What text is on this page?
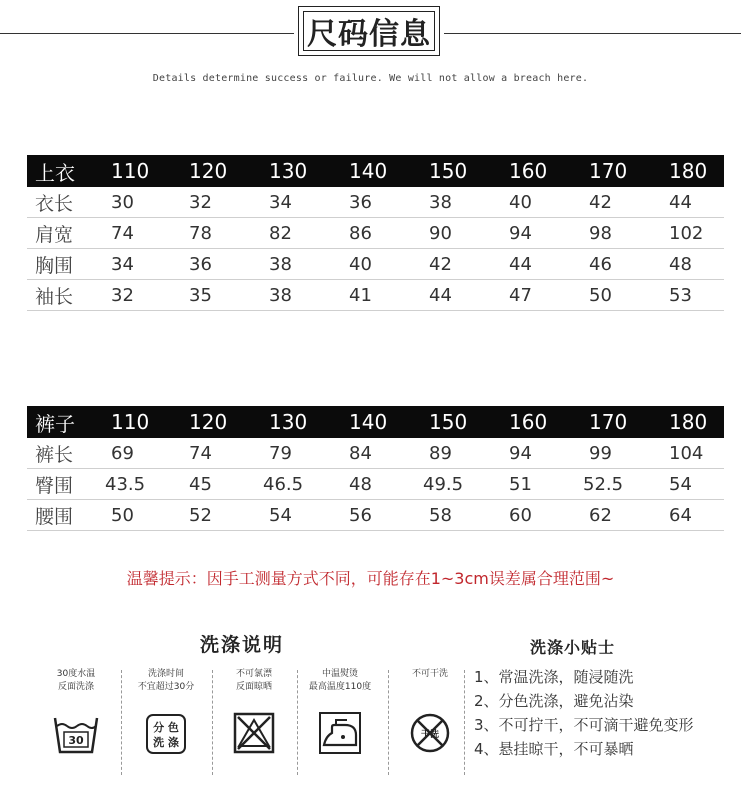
尺码信息
Details determine success or failure. We will not allow a breach here.
上衣 110 120 130 140 150 160 170 180
衣长 30	32	34	36	38	40	42	44
肩宽 74	78	82	86	90	94	98	102
胸围 34	36	38	40	42	44	46	48
袖长 32	35	38	41	44	47	50	53
裤子 110 120 130 140 150 160 170 180
裤长 69	74	79	84	89	94	99	104
臀围 43.5 45	46.5	48	49.5	51	52.5	54
腰围 50	52	54	56	58	60	62	64
温馨提示：因手工测量方式不同，可能存在1~3cm误差属合理范围~
洗涤说明	洗涤小贴士
30度水温
反面洗涤
30
洗涤时间
不宜超过30分
分 色
洗 涤
不可氯漂
反面晾晒
中温熨烫
最高温度110度
不可干洗
干洗
1、常温洗涤，随浸随洗
2、分色洗涤，避免沾染
3、不可拧干，不可滴干避免变形
4、悬挂晾干，不可暴晒
